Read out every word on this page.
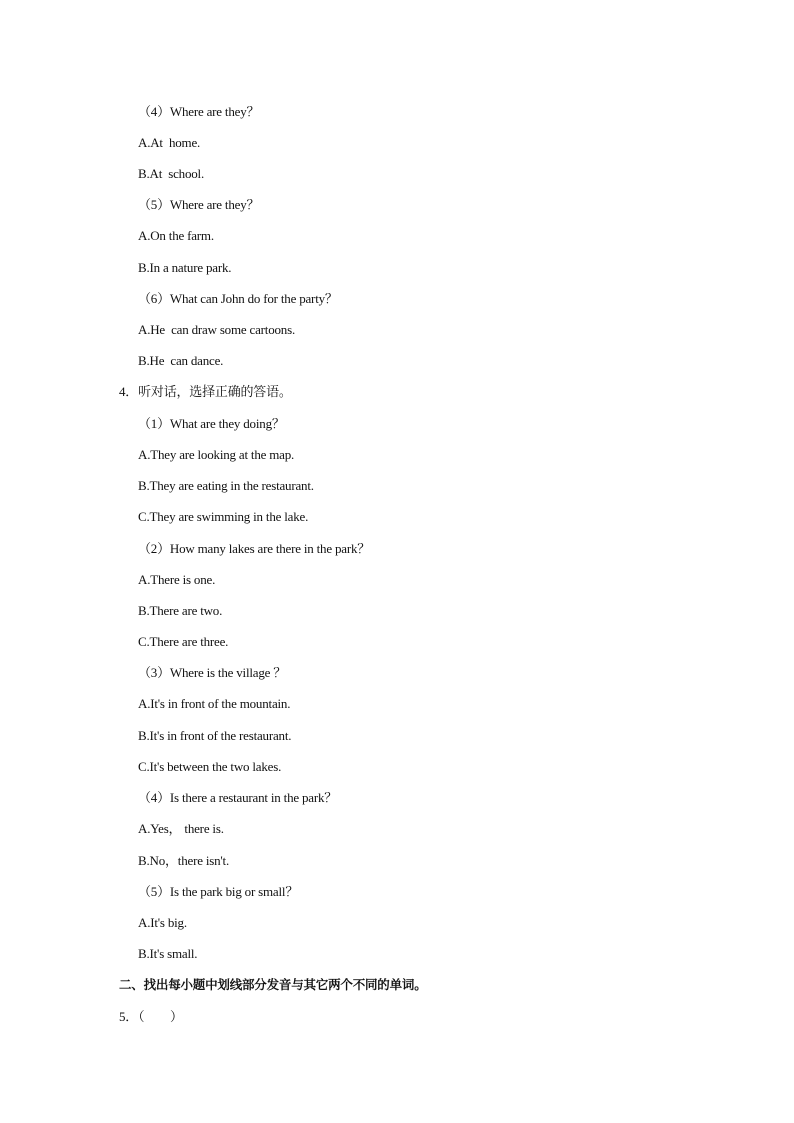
（4）Where are they？
A.At  home.
B.At  school.
（5）Where are they？
A.On the farm.
B.In a nature park.
（6）What can John do for the party？
A.He  can draw some cartoons.
B.He  can dance.
4．听对话，选择正确的答语。
（1）What are they doing？
A.They are looking at the map.
B.They are eating in the restaurant.
C.They are swimming in the lake.
（2）How many lakes are there in the park？
A.There is one.
B.There are two.
C.There are three.
（3）Where is the village ？
A.It's in front of the mountain.
B.It's in front of the restaurant.
C.It's between the two lakes.
（4）Is there a restaurant in the park？
A.Yes， there is.
B.No，there isn't.
（5）Is the park big or small？
A.It's big.
B.It's small.
二、找出每小题中划线部分发音与其它两个不同的单词。
5．（　　）
